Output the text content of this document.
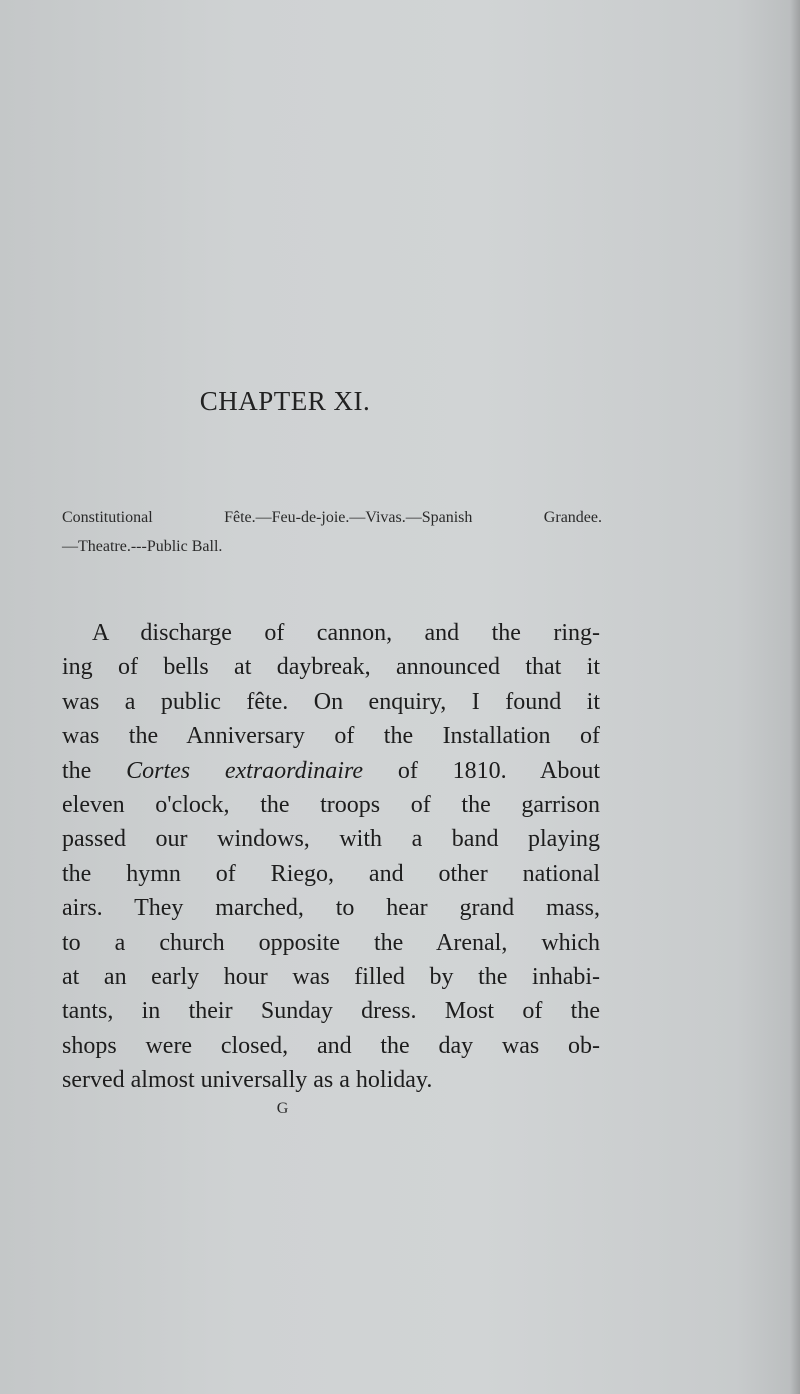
CHAPTER XI.
Constitutional Fête.—Feu-de-joie.—Vivas.—Spanish Grandee.
—Theatre.---Public Ball.
A discharge of cannon, and the ring-
ing of bells at daybreak, announced that it
was a public fête. On enquiry, I found it
was the Anniversary of the Installation of
the Cortes extraordinaire of 1810. About
eleven o'clock, the troops of the garrison
passed our windows, with a band playing
the hymn of Riego, and other national
airs. They marched, to hear grand mass,
to a church opposite the Arenal, which
at an early hour was filled by the inhabi-
tants, in their Sunday dress. Most of the
shops were closed, and the day was ob-
served almost universally as a holiday.
G
